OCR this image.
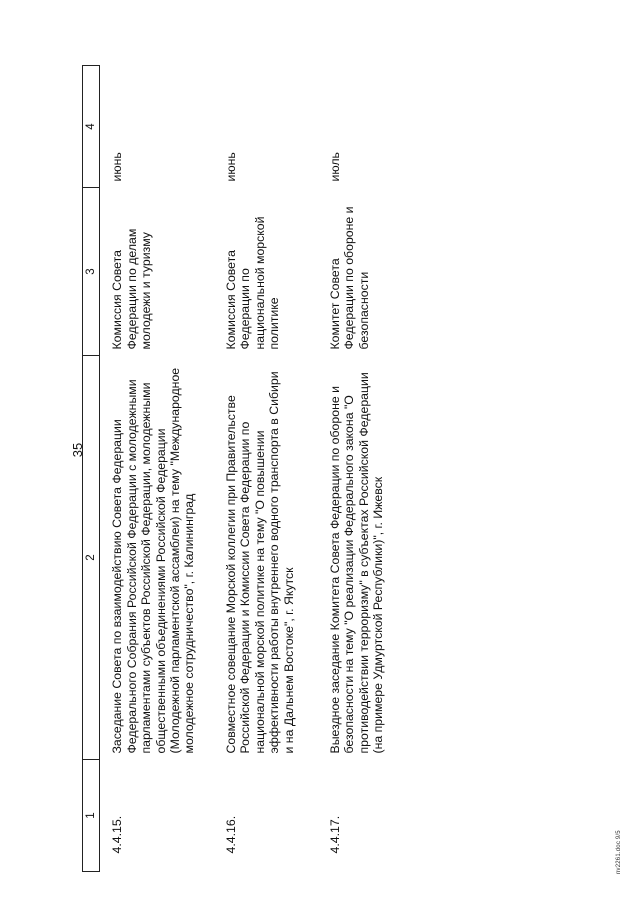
35
1	2	3	4
4.4.15.	Заседание Совета по взаимодействию Совета Федерации Федерального Собрания Российской Федерации с молодежными парламентами субъектов Российской Федерации, молодежными общественными объединениями Российской Федерации (Молодежной парламентской ассамблеи) на тему "Международное молодежное сотрудничество", г. Калининград	Комиссия Совета Федерации по делам молодежи и туризму	июнь
4.4.16.	Совместное совещание Морской коллегии при Правительстве Российской Федерации и Комиссии Совета Федерации по национальной морской политике на тему "О повышении эффективности работы внутреннего водного транспорта в Сибири и на Дальнем Востоке", г. Якутск	Комиссия Совета Федерации по национальной морской политике	июнь
4.4.17.	Выездное заседание Комитета Совета Федерации по обороне и безопасности на тему "О реализации Федерального закона "О противодействии терроризму" в субъектах Российской Федерации (на примере Удмуртской Республики)", г. Ижевск	Комитет Совета Федерации по обороне и безопасности	июль
nv2261.doc 9/5
